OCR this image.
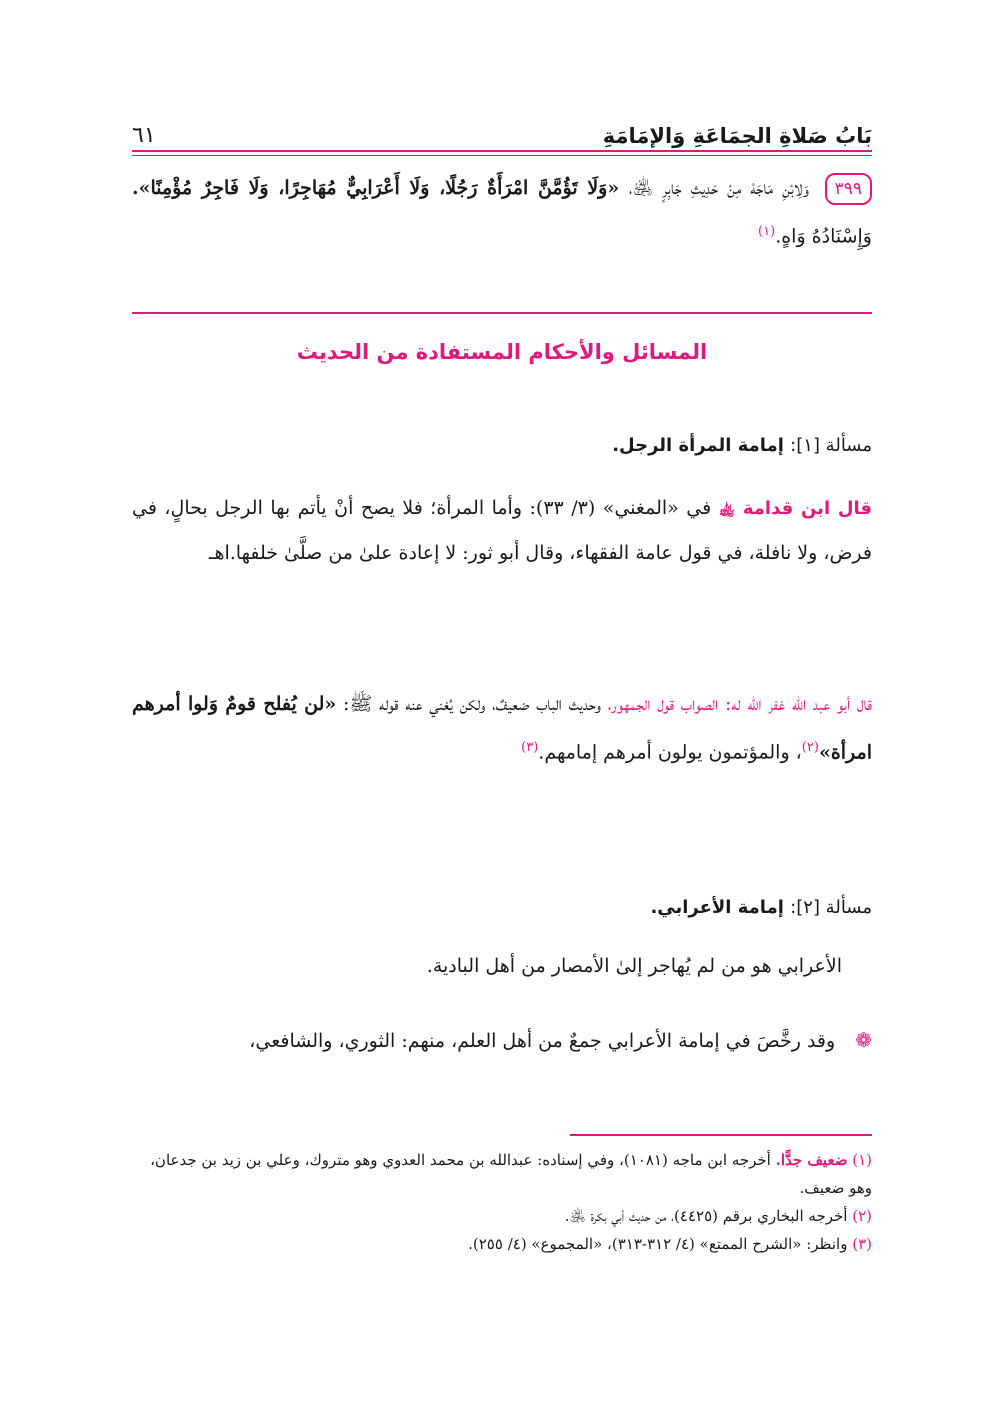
بَابُ صَلاةِ الجمَاعَةِ وَالإمَامَةِ
٦١
٣٩٩ وَلِابْنِ مَاجَهْ مِنْ حَدِيثِ جَابِرٍ ﵁، «وَلَا تَؤُمَّنَّ امْرَأَةٌ رَجُلًا، وَلَا أَعْرَابِيٌّ مُهَاجِرًا، وَلَا فَاجِرٌ مُؤْمِنًا». وَإِسْنَادُهُ وَاهٍ.$^{(١)}$
المسائل والأحكام المستفادة من الحديث
مسألة [١]: إمامة المرأة الرجل.
قال ابن قدامة ﵀ في «المغني» (٣/ ٣٣): وأما المرأة؛ فلا يصح أنْ يأتم بها الرجل بحالٍ، في فرض، ولا نافلة، في قول عامة الفقهاء، وقال أبو ثور: لا إعادة علىٰ من صلَّىٰ خلفها.اهـ
قال أبو عبد الله غفر الله له: الصواب قول الجمهور، وحديث الباب ضعيفٌ، ولكن يُغني عنه قوله ﷺ: «لن يُفلح قومٌ وَلوا أمرهم امرأة»$^{(٢)}$، والمؤتمون يولون أمرهم إمامهم.$^{(٣)}$
مسألة [٢]: إمامة الأعرابي.
الأعرابي هو من لم يُهاجر إلىٰ الأمصار من أهل البادية.
❁ وقد رخَّصَ في إمامة الأعرابي جمعٌ من أهل العلم، منهم: الثوري، والشافعي،

(١) ضعيف جدًّا. أخرجه ابن ماجه (١٠٨١)، وفي إسناده: عبدالله بن محمد العدوي وهو متروك، وعلي بن زيد بن جدعان، وهو ضعيف.

(٢) أخرجه البخاري برقم (٤٤٢٥)، من حديث أبي بكرة ﵁.

(٣) وانظر: «الشرح الممتع» (٤/ ٣١٢-٣١٣)، «المجموع» (٤/ ٢٥٥).
